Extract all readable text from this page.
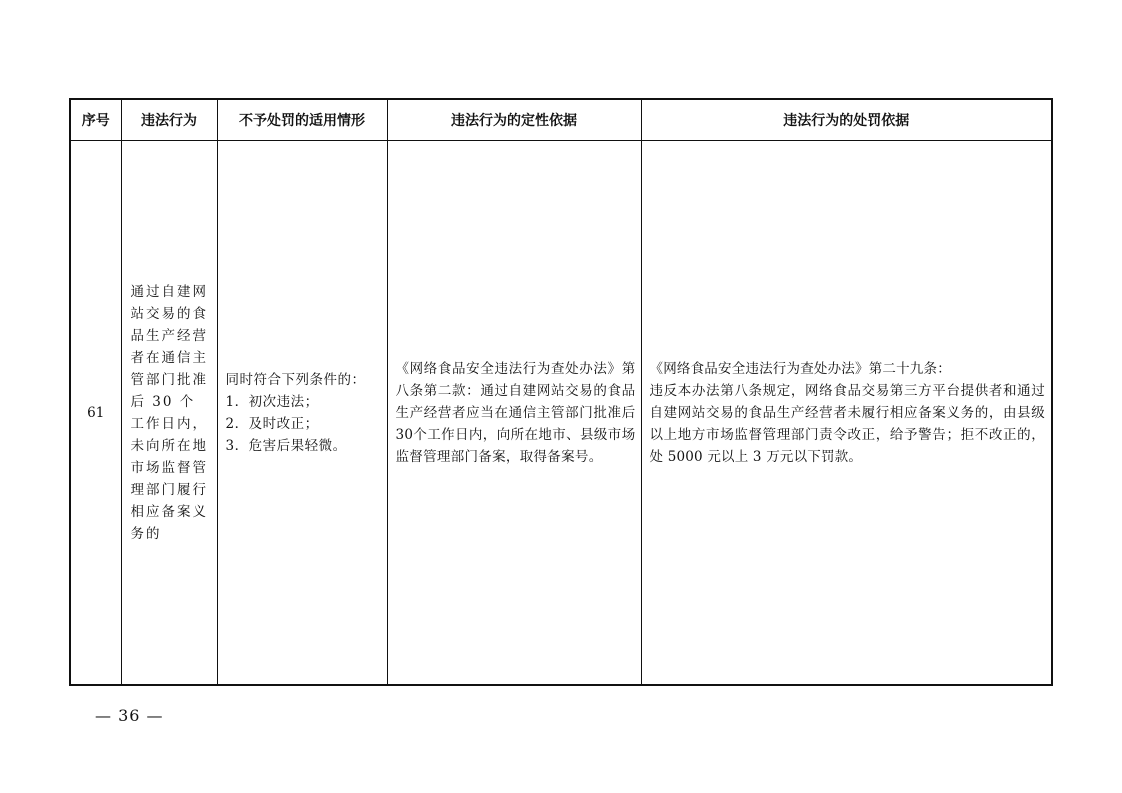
序号	违法行为	不予处罚的适用情形	违法行为的定性依据	违法行为的处罚依据
61	通过自建网站交易的食品生产经营者在通信主管部门批准后 30 个工作日内，未向所在地市场监督管理部门履行相应备案义务的	同时符合下列条件的：
1．初次违法；
2．及时改正；
3．危害后果轻微。	《网络食品安全违法行为查处办法》第八条第二款：通过自建网站交易的食品生产经营者应当在通信主管部门批准后30个工作日内，向所在地市、县级市场监督管理部门备案，取得备案号。	《网络食品安全违法行为查处办法》第二十九条：
违反本办法第八条规定，网络食品交易第三方平台提供者和通过自建网站交易的食品生产经营者未履行相应备案义务的，由县级以上地方市场监督管理部门责令改正，给予警告；拒不改正的，处 5000 元以上 3 万元以下罚款。
— 36 —
